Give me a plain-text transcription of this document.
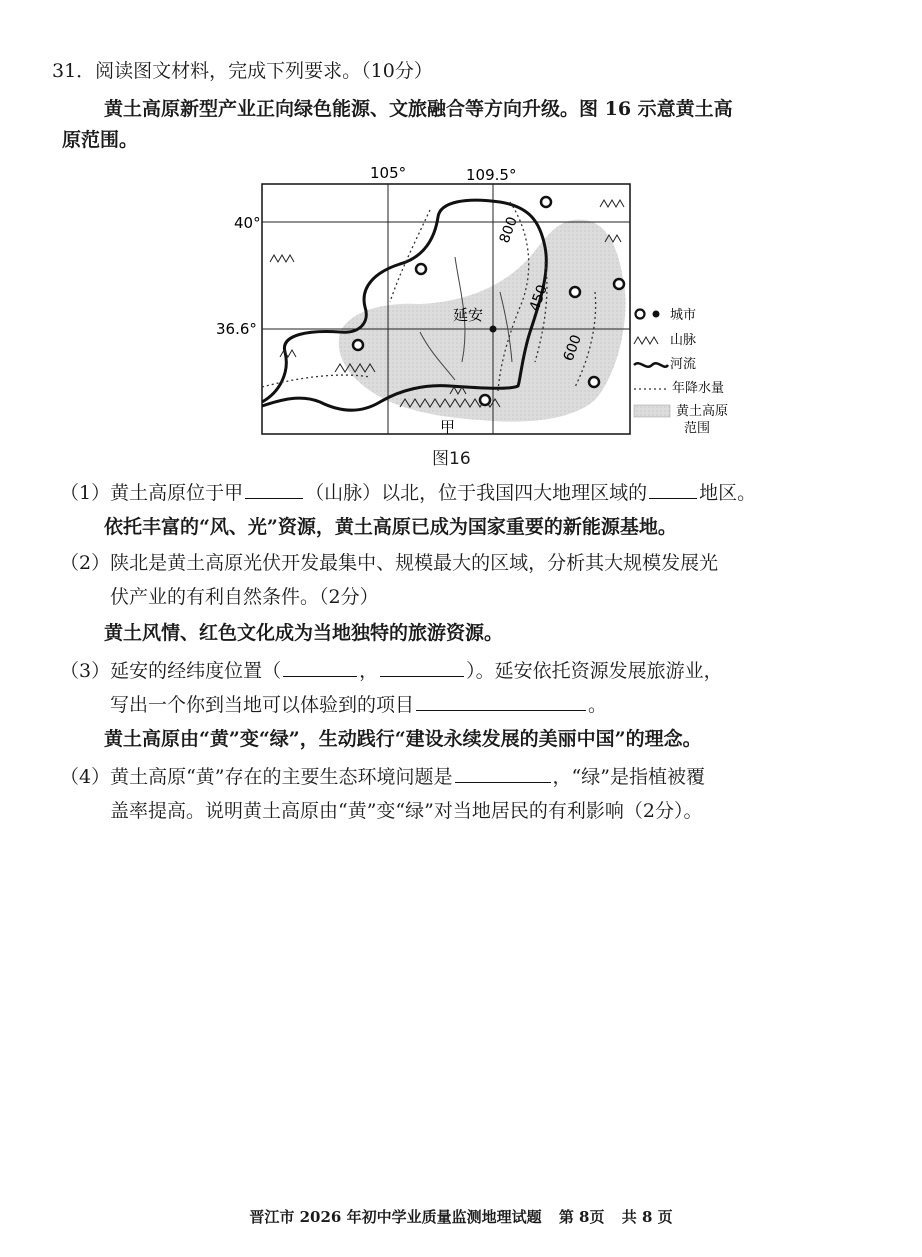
31．阅读图文材料，完成下列要求。（10分）
黄土高原新型产业正向绿色能源、文旅融合等方向升级。图 16 示意黄土高
原范围。
105°	109.5°
40°
36.6°
800
450
600
延安
甲
城市
山脉
河流
年降水量
黄土高原
范围
图16
（1）黄土高原位于甲	（山脉）以北，位于我国四大地理区域的	地区。
依托丰富的“风、光”资源，黄土高原已成为国家重要的新能源基地。
（2）陕北是黄土高原光伏开发最集中、规模最大的区域，分析其大规模发展光
伏产业的有利自然条件。（2分）
黄土风情、红色文化成为当地独特的旅游资源。
（3）延安的经纬度位置（	，	）。延安依托资源发展旅游业，
写出一个你到当地可以体验到的项目	。
黄土高原由“黄”变“绿”，生动践行“建设永续发展的美丽中国”的理念。
（4）黄土高原“黄”存在的主要生态环境问题是	，“绿”是指植被覆
盖率提高。说明黄土高原由“黄”变“绿”对当地居民的有利影响（2分）。
晋江市 2026 年初中学业质量监测地理试题 第 8页 共 8 页
